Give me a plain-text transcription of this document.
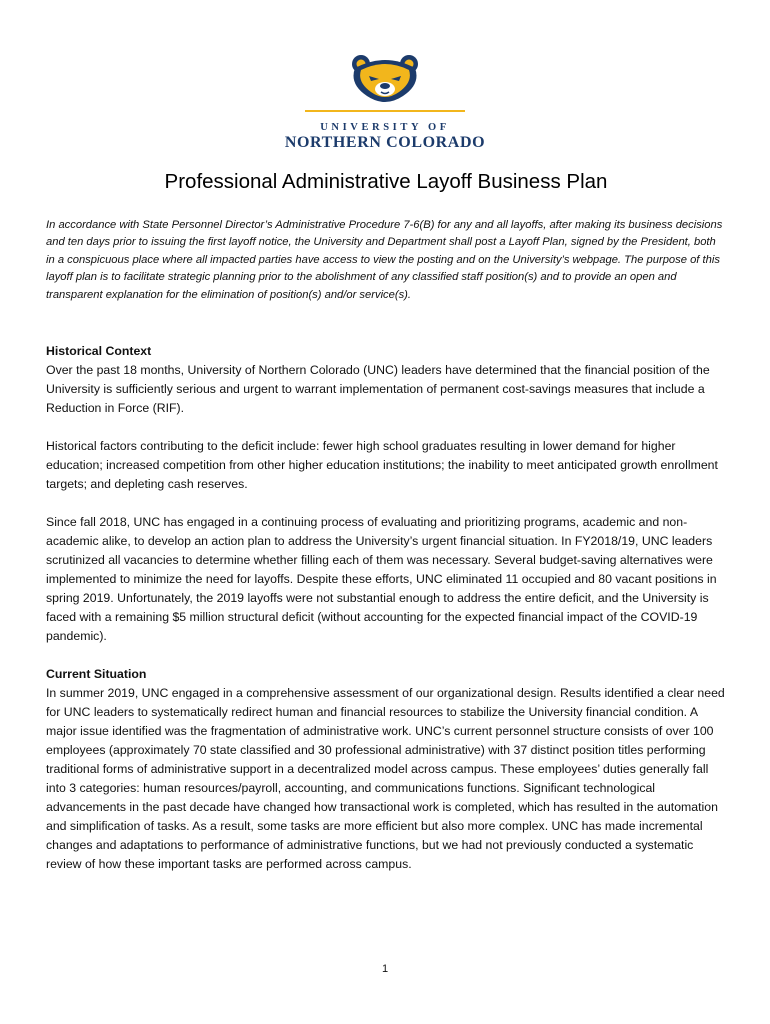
UNIVERSITY OF
NORTHERN COLORADO
Professional Administrative Layoff Business Plan

In accordance with State Personnel Director’s Administrative Procedure 7-6(B) for any and all layoffs, after making its business decisions and ten days prior to issuing the first layoff notice, the University and Department shall post a Layoff Plan, signed by the President, both in a conspicuous place where all impacted parties have access to view the posting and on the University’s webpage. The purpose of this layoff plan is to facilitate strategic planning prior to the abolishment of any classified staff position(s) and to provide an open and transparent explanation for the elimination of position(s) and/or service(s).

Historical Context

Over the past 18 months, University of Northern Colorado (UNC) leaders have determined that the financial position of the University is sufficiently serious and urgent to warrant implementation of permanent cost-savings measures that include a Reduction in Force (RIF).

Historical factors contributing to the deficit include: fewer high school graduates resulting in lower demand for higher education; increased competition from other higher education institutions; the inability to meet anticipated growth enrollment targets; and depleting cash reserves.

Since fall 2018, UNC has engaged in a continuing process of evaluating and prioritizing programs, academic and non-academic alike, to develop an action plan to address the University’s urgent financial situation. In FY2018/19, UNC leaders scrutinized all vacancies to determine whether filling each of them was necessary. Several budget-saving alternatives were implemented to minimize the need for layoffs. Despite these efforts, UNC eliminated 11 occupied and 80 vacant positions in spring 2019. Unfortunately, the 2019 layoffs were not substantial enough to address the entire deficit, and the University is faced with a remaining $5 million structural deficit (without accounting for the expected financial impact of the COVID-19 pandemic).

Current Situation

In summer 2019, UNC engaged in a comprehensive assessment of our organizational design. Results identified a clear need for UNC leaders to systematically redirect human and financial resources to stabilize the University financial condition. A major issue identified was the fragmentation of administrative work. UNC’s current personnel structure consists of over 100 employees (approximately 70 state classified and 30 professional administrative) with 37 distinct position titles performing traditional forms of administrative support in a decentralized model across campus. These employees’ duties generally fall into 3 categories: human resources/payroll, accounting, and communications functions. Significant technological advancements in the past decade have changed how transactional work is completed, which has resulted in the automation and simplification of tasks. As a result, some tasks are more efficient but also more complex. UNC has made incremental changes and adaptations to performance of administrative functions, but we had not previously conducted a systematic review of how these important tasks are performed across campus.

1
